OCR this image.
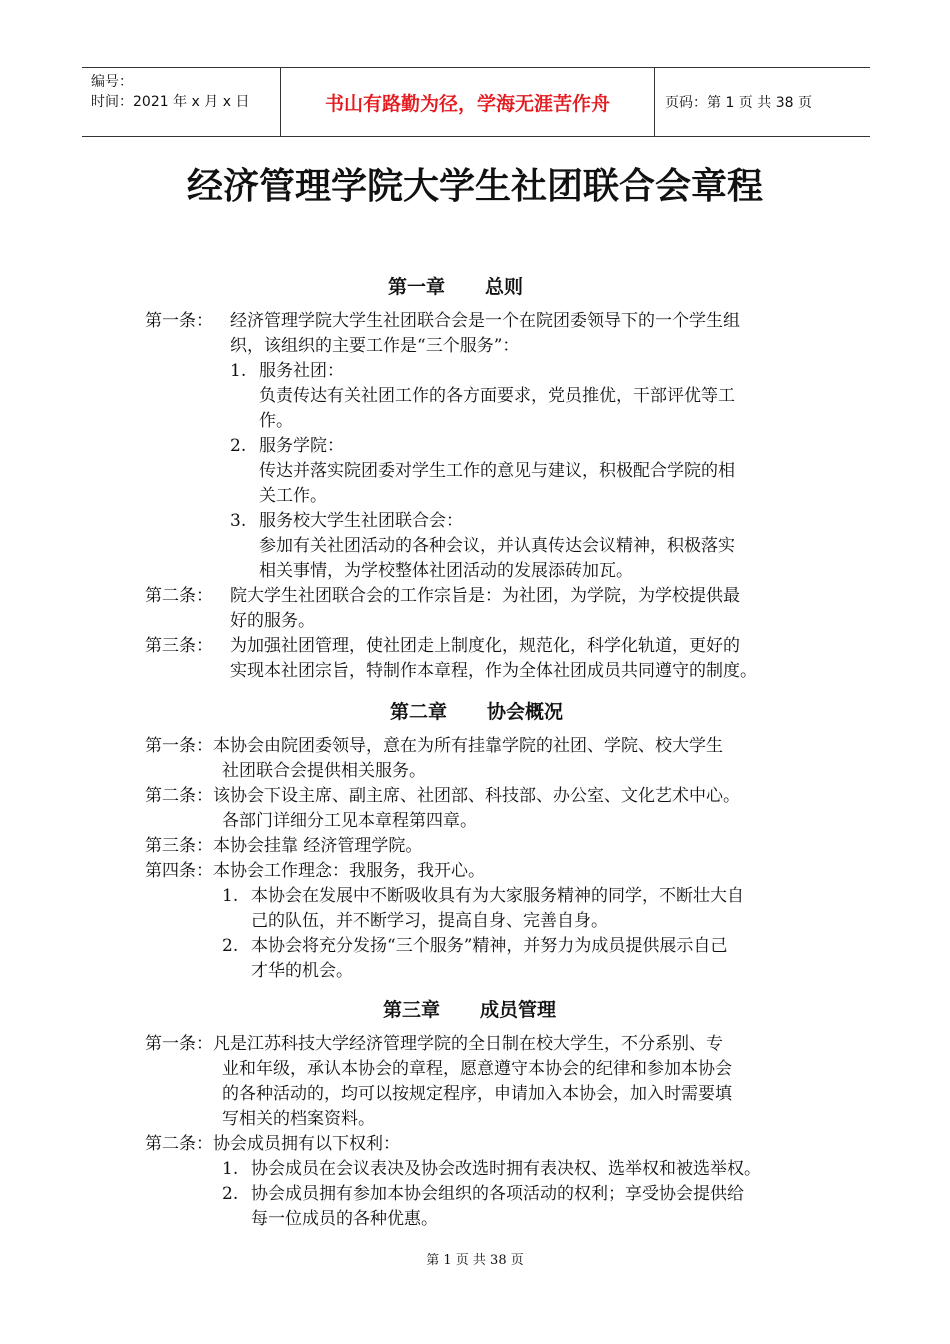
编号：
时间：2021 年 x 月 x 日	书山有路勤为径，学海无涯苦作舟	页码：第 1 页 共 38 页
经济管理学院大学生社团联合会章程
第一章 总则
第二章 协会概况
第三章 成员管理
第一条： 经济管理学院大学生社团联合会是一个在院团委领导下的一个学生组
织，该组织的主要工作是“三个服务”：
1. 服务社团：
负责传达有关社团工作的各方面要求，党员推优，干部评优等工
作。
2. 服务学院：
传达并落实院团委对学生工作的意见与建议，积极配合学院的相
关工作。
3. 服务校大学生社团联合会：
参加有关社团活动的各种会议，并认真传达会议精神，积极落实
相关事情，为学校整体社团活动的发展添砖加瓦。
第二条： 院大学生社团联合会的工作宗旨是：为社团，为学院，为学校提供最
好的服务。
第三条： 为加强社团管理，使社团走上制度化，规范化，科学化轨道，更好的
实现本社团宗旨，特制作本章程，作为全体社团成员共同遵守的制度。
第一条：本协会由院团委领导，意在为所有挂靠学院的社团、学院、校大学生
社团联合会提供相关服务。
第二条：该协会下设主席、副主席、社团部、科技部、办公室、文化艺术中心。
各部门详细分工见本章程第四章。
第三条：本协会挂靠 经济管理学院。
第四条：本协会工作理念：我服务，我开心。
1. 本协会在发展中不断吸收具有为大家服务精神的同学，不断壮大自
己的队伍，并不断学习，提高自身、完善自身。
2. 本协会将充分发扬“三个服务”精神，并努力为成员提供展示自己
才华的机会。
第一条：凡是江苏科技大学经济管理学院的全日制在校大学生，不分系别、专
业和年级，承认本协会的章程，愿意遵守本协会的纪律和参加本协会
的各种活动的，均可以按规定程序，申请加入本协会，加入时需要填
写相关的档案资料。
第二条：协会成员拥有以下权利：
1. 协会成员在会议表决及协会改选时拥有表决权、选举权和被选举权。
2. 协会成员拥有参加本协会组织的各项活动的权利；享受协会提供给
每一位成员的各种优惠。
第 1 页 共 38 页
